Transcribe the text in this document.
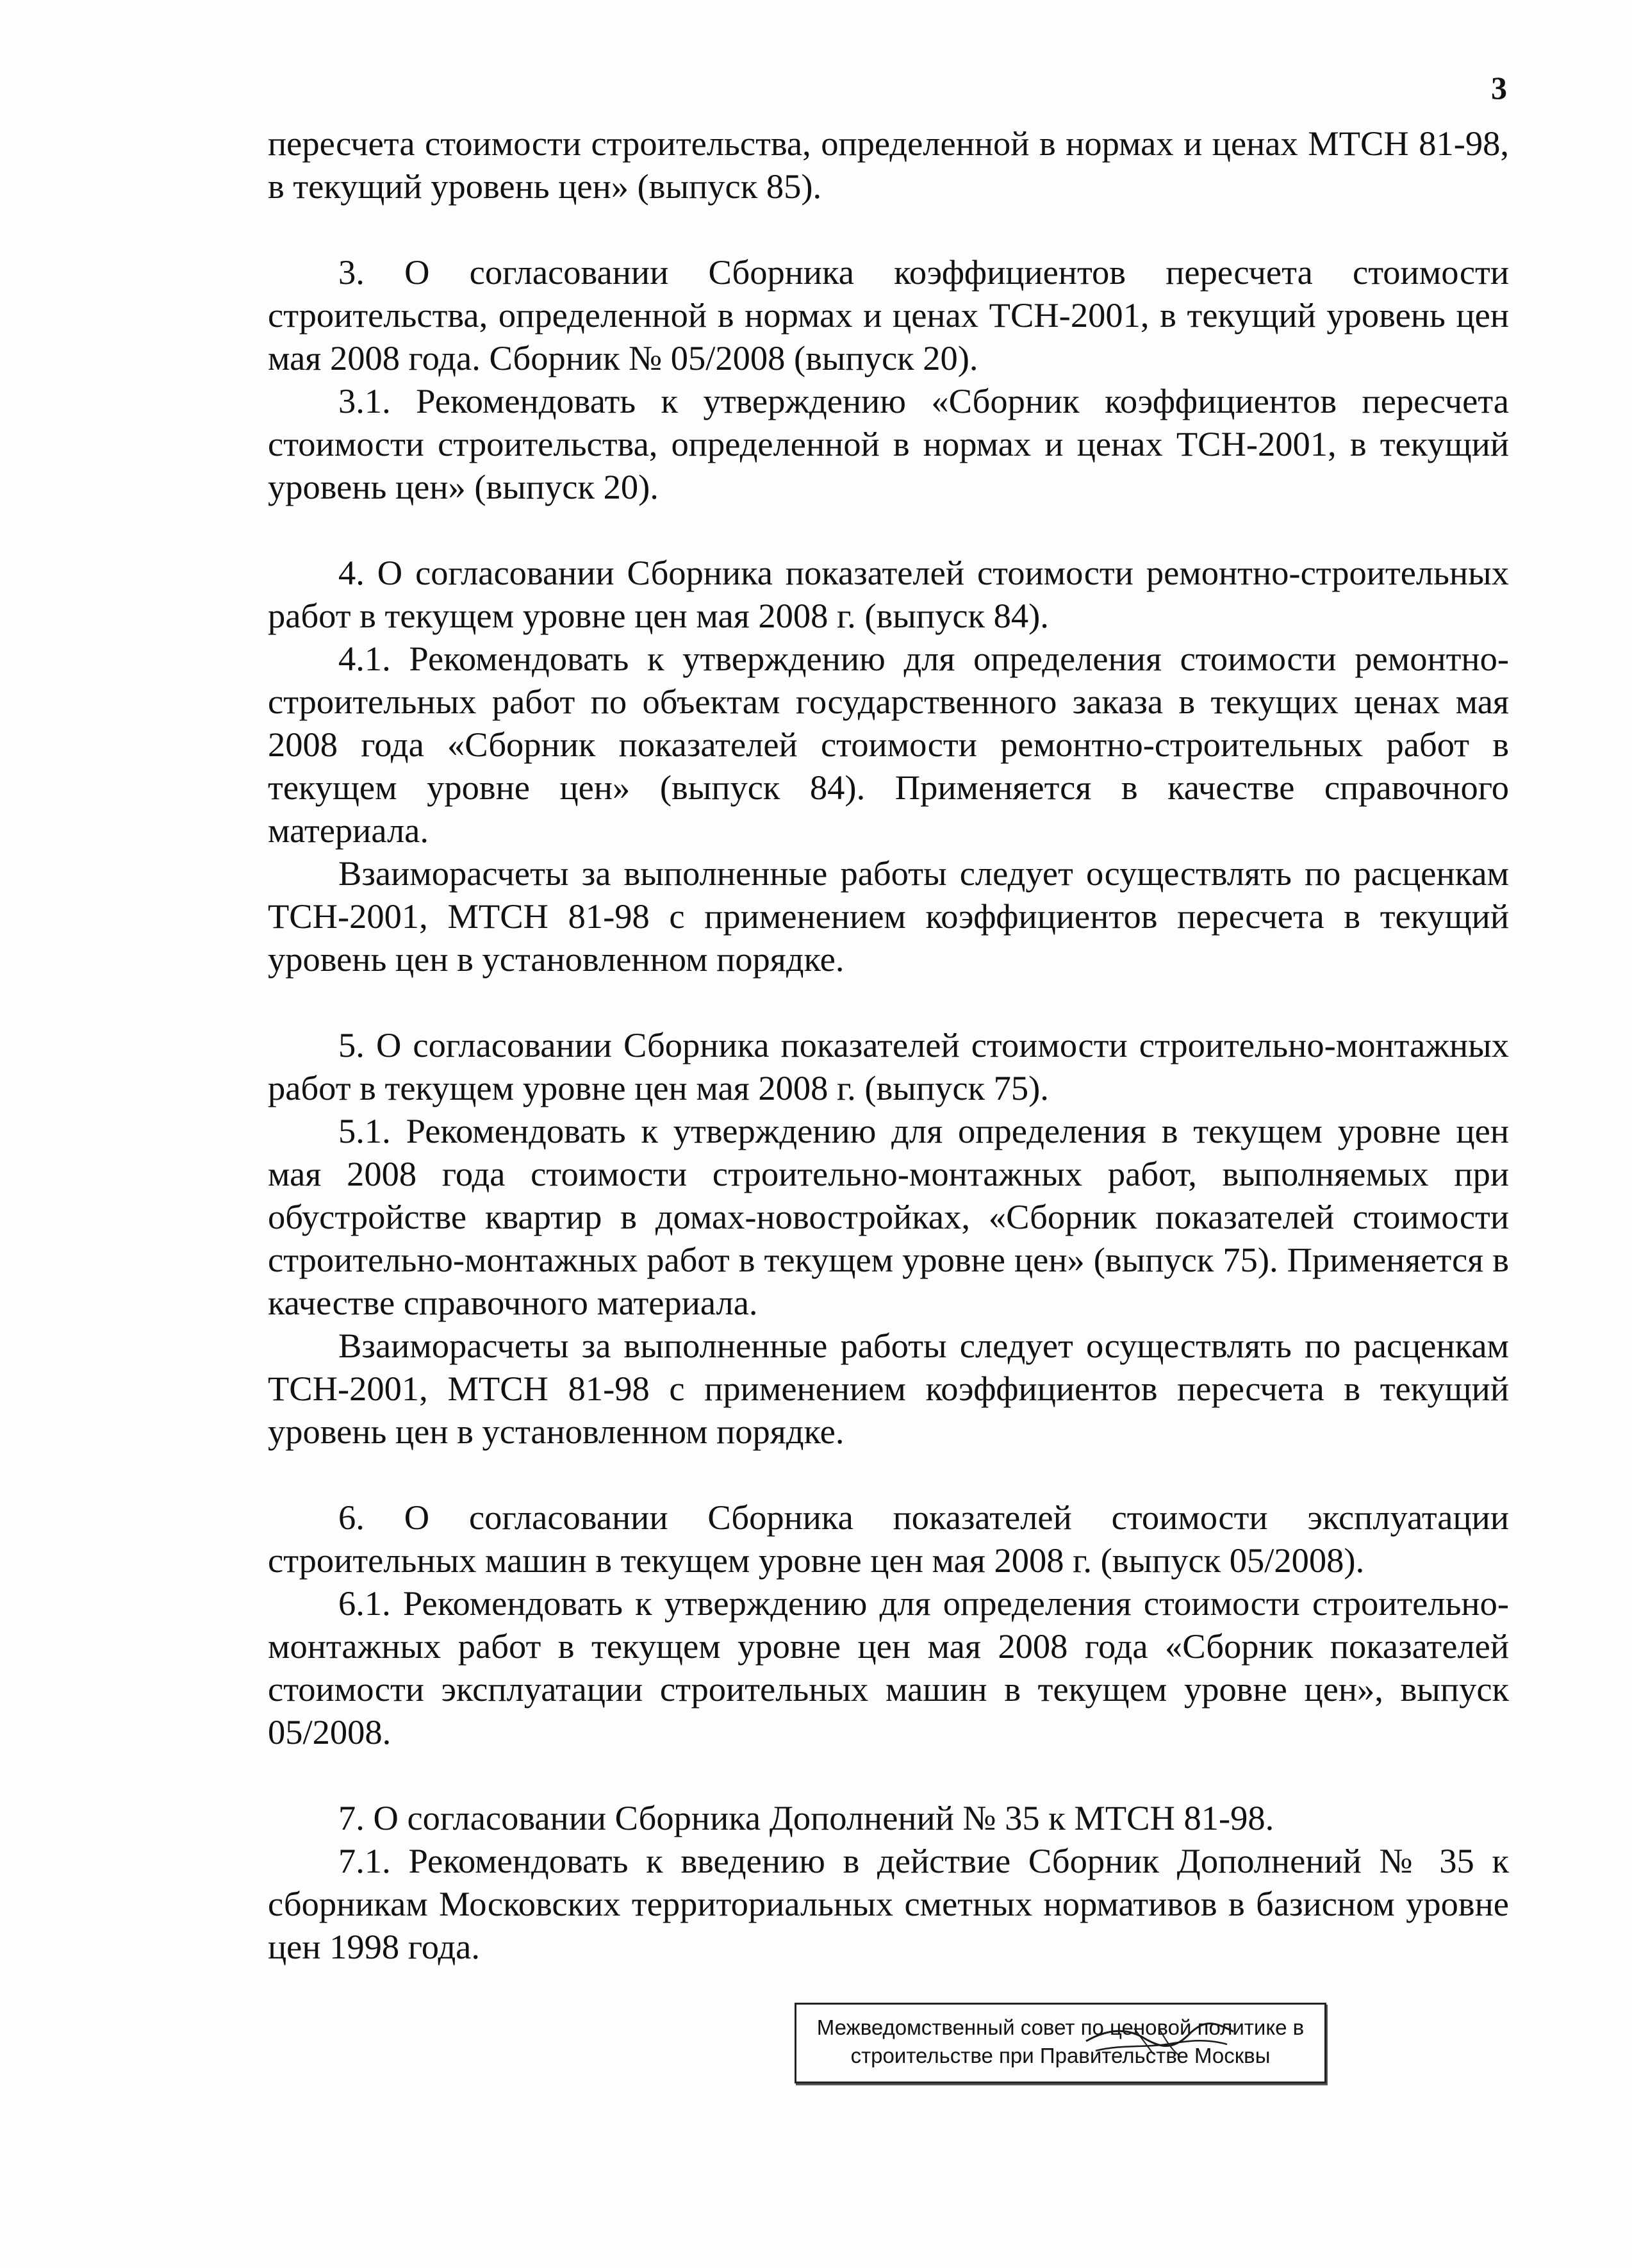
3

пересчета стоимости строительства, определенной в нормах и ценах МТСН 81-98, в текущий уровень цен» (выпуск 85).

3. О согласовании Сборника коэффициентов пересчета стоимости строительства, определенной в нормах и ценах ТСН-2001, в текущий уровень цен мая 2008 года. Сборник № 05/2008 (выпуск 20).

3.1. Рекомендовать к утверждению «Сборник коэффициентов пересчета стоимости строительства, определенной в нормах и ценах ТСН-2001, в текущий уровень цен» (выпуск 20).

4. О согласовании Сборника показателей стоимости ремонтно-строительных работ в текущем уровне цен мая 2008 г. (выпуск 84).

4.1. Рекомендовать к утверждению для определения стоимости ремонтно-строительных работ по объектам государственного заказа в текущих ценах мая 2008 года «Сборник показателей стоимости ремонтно-строительных работ в текущем уровне цен» (выпуск 84). Применяется в качестве справочного материала.

Взаиморасчеты за выполненные работы следует осуществлять по расценкам ТСН-2001, МТСН 81-98 с применением коэффициентов пересчета в текущий уровень цен в установленном порядке.

5. О согласовании Сборника показателей стоимости строительно-монтажных работ в текущем уровне цен мая 2008 г. (выпуск 75).

5.1. Рекомендовать к утверждению для определения в текущем уровне цен мая 2008 года стоимости строительно-монтажных работ, выполняемых при обустройстве квартир в домах-новостройках, «Сборник показателей стоимости строительно-монтажных работ в текущем уровне цен» (выпуск 75). Применяется в качестве справочного материала.

Взаиморасчеты за выполненные работы следует осуществлять по расценкам ТСН-2001, МТСН 81-98 с применением коэффициентов пересчета в текущий уровень цен в установленном порядке.

6. О согласовании Сборника показателей стоимости эксплуатации строительных машин в текущем уровне цен мая 2008 г. (выпуск 05/2008).

6.1. Рекомендовать к утверждению для определения стоимости строительно-монтажных работ в текущем уровне цен мая 2008 года «Сборник показателей стоимости эксплуатации строительных машин в текущем уровне цен», выпуск 05/2008.

7. О согласовании Сборника Дополнений № 35 к МТСН 81-98.

7.1. Рекомендовать к введению в действие Сборник Дополнений № 35 к сборникам Московских территориальных сметных нормативов в базисном уровне цен 1998 года.

Межведомственный совет по ценовой политике в
строительстве при Правительстве Москвы
